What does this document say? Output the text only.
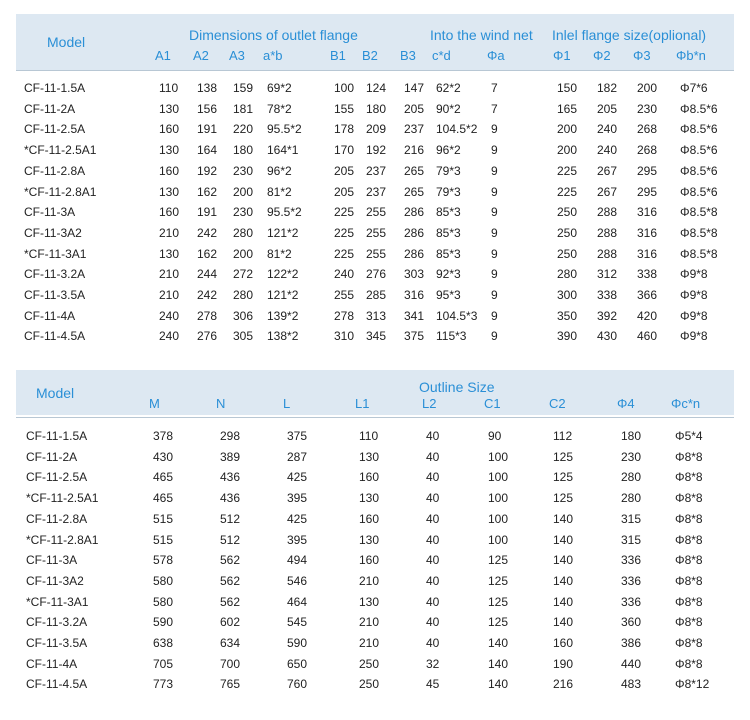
Model	Dimensions of outlet flange	Into the wind net Inlel flange size(oplional)
A1 A2 A3 a*b	B1 B2 B3 c*d	Φa	Φ1 Φ2 Φ3 Φb*n
CF-11-1.5A	110 138 159 69*2	100 124 147 62*2	7	150 182 200 Φ7*6
CF-11-2A	130 156 181 78*2	155 180 205 90*2	7	165 205 230 Φ8.5*6
CF-11-2.5A	160 191 220 95.5*2	178 209 237 104.5*2 9	200 240 268 Φ8.5*6
*CF-11-2.5A1	130 164 180 164*1	170 192 216 96*2	9	200 240 268 Φ8.5*6
CF-11-2.8A	160 192 230 96*2	205 237 265 79*3	9	225 267 295 Φ8.5*6
*CF-11-2.8A1	130 162 200 81*2	205 237 265 79*3	9	225 267 295 Φ8.5*6
CF-11-3A	160 191 230 95.5*2	225 255 286 85*3	9	250 288 316 Φ8.5*8
CF-11-3A2	210 242 280 121*2	225 255 286 85*3	9	250 288 316 Φ8.5*8
*CF-11-3A1	130 162 200 81*2	225 255 286 85*3	9	250 288 316 Φ8.5*8
CF-11-3.2A	210 244 272 122*2	240 276 303 92*3	9	280 312 338 Φ9*8
CF-11-3.5A	210 242 280 121*2	255 285 316 95*3	9	300 338 366 Φ9*8
CF-11-4A	240 278 306 139*2	278 313 341 104.5*3 9	350 392 420 Φ9*8
CF-11-4.5A	240 276 305 138*2	310 345 375 115*3 9	390 430 460 Φ9*8
Model	Outline Size
M	N	L	L1	L2	C1	C2	Φ4	Φc*n
CF-11-1.5A	378	298	375	110	40	90	112	180	Φ5*4
CF-11-2A	430	389	287	130	40	100	125	230	Φ8*8
CF-11-2.5A	465	436	425	160	40	100	125	280	Φ8*8
*CF-11-2.5A1	465	436	395	130	40	100	125	280	Φ8*8
CF-11-2.8A	515	512	425	160	40	100	140	315	Φ8*8
*CF-11-2.8A1	515	512	395	130	40	100	140	315	Φ8*8
CF-11-3A	578	562	494	160	40	125	140	336	Φ8*8
CF-11-3A2	580	562	546	210	40	125	140	336	Φ8*8
*CF-11-3A1	580	562	464	130	40	125	140	336	Φ8*8
CF-11-3.2A	590	602	545	210	40	125	140	360	Φ8*8
CF-11-3.5A	638	634	590	210	40	140	160	386	Φ8*8
CF-11-4A	705	700	650	250	32	140	190	440	Φ8*8
CF-11-4.5A	773	765	760	250	45	140	216	483	Φ8*12
